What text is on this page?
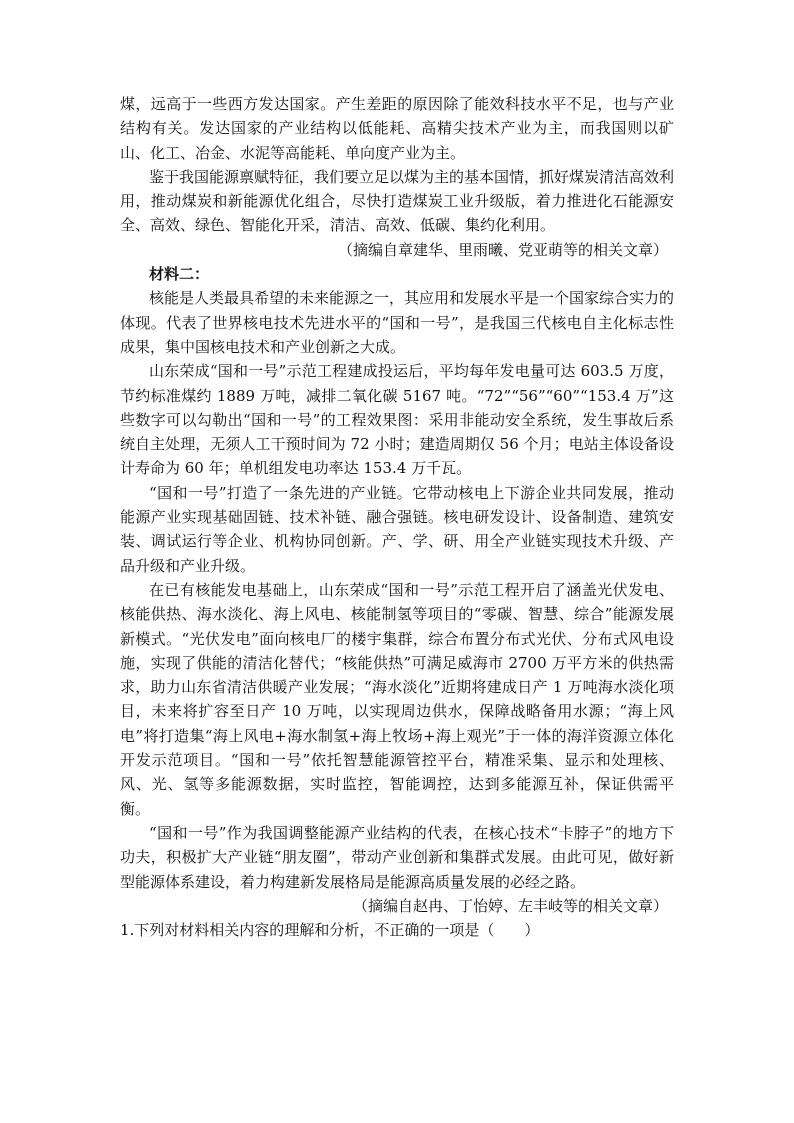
煤，远高于一些西方发达国家。产生差距的原因除了能效科技水平不足，也与产业结构有关。发达国家的产业结构以低能耗、高精尖技术产业为主，而我国则以矿山、化工、冶金、水泥等高能耗、单向度产业为主。

鉴于我国能源禀赋特征，我们要立足以煤为主的基本国情，抓好煤炭清洁高效利用，推动煤炭和新能源优化组合，尽快打造煤炭工业升级版，着力推进化石能源安全、高效、绿色、智能化开采，清洁、高效、低碳、集约化利用。

（摘编自章建华、里雨曦、党亚萌等的相关文章）

材料二：

核能是人类最具希望的未来能源之一，其应用和发展水平是一个国家综合实力的体现。代表了世界核电技术先进水平的“国和一号”，是我国三代核电自主化标志性成果，集中国核电技术和产业创新之大成。

山东荣成“国和一号”示范工程建成投运后，平均每年发电量可达 603.5 万度，节约标准煤约 1889 万吨，减排二氧化碳 5167 吨。“72”“56”“60”“153.4 万”这些数字可以勾勒出“国和一号”的工程效果图：采用非能动安全系统，发生事故后系统自主处理，无须人工干预时间为 72 小时；建造周期仅 56 个月；电站主体设备设计寿命为 60 年；单机组发电功率达 153.4 万千瓦。

“国和一号”打造了一条先进的产业链。它带动核电上下游企业共同发展，推动能源产业实现基础固链、技术补链、融合强链。核电研发设计、设备制造、建筑安装、调试运行等企业、机构协同创新。产、学、研、用全产业链实现技术升级、产品升级和产业升级。

在已有核能发电基础上，山东荣成“国和一号”示范工程开启了涵盖光伏发电、核能供热、海水淡化、海上风电、核能制氢等项目的“零碳、智慧、综合”能源发展新模式。“光伏发电”面向核电厂的楼宇集群，综合布置分布式光伏、分布式风电设施，实现了供能的清洁化替代；“核能供热”可满足威海市 2700 万平方米的供热需求，助力山东省清洁供暖产业发展；“海水淡化”近期将建成日产 1 万吨海水淡化项目，未来将扩容至日产 10 万吨，以实现周边供水，保障战略备用水源；“海上风电”将打造集“海上风电+海水制氢+海上牧场+海上观光”于一体的海洋资源立体化开发示范项目。“国和一号”依托智慧能源管控平台，精准采集、显示和处理核、风、光、氢等多能源数据，实时监控，智能调控，达到多能源互补，保证供需平衡。

“国和一号”作为我国调整能源产业结构的代表，在核心技术“卡脖子”的地方下功夫，积极扩大产业链“朋友圈”，带动产业创新和集群式发展。由此可见，做好新型能源体系建设，着力构建新发展格局是能源高质量发展的必经之路。

（摘编自赵冉、丁怡婷、左丰岐等的相关文章）

1.下列对材料相关内容的理解和分析，不正确的一项是（　　）
